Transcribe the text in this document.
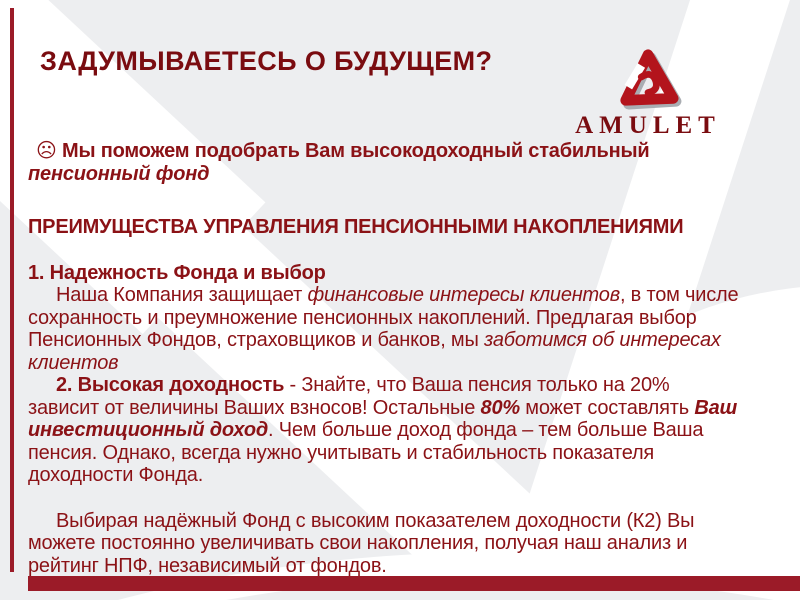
AMULET
ЗАДУМЫВАЕТЕСЬ О БУДУЩЕМ?
☹ Мы поможем подобрать Вам высокодоходный стабильный
пенсионный фонд
ПРЕИМУЩЕСТВА УПРАВЛЕНИЯ ПЕНСИОННЫМИ НАКОПЛЕНИЯМИ
1. Надежность Фонда и выбор
Наша Компания защищает финансовые интересы клиентов, в том числе
сохранность и преумножение пенсионных накоплений. Предлагая выбор
Пенсионных Фондов, страховщиков и банков, мы заботимся об интересах
клиентов
2. Высокая доходность - Знайте, что Ваша пенсия только на 20%
зависит от величины Ваших взносов! Остальные 80% может составлять Ваш
инвестиционный доход. Чем больше доход фонда – тем больше Ваша
пенсия. Однако, всегда нужно учитывать и стабильность показателя
доходности Фонда.
Выбирая надёжный Фонд с высоким показателем доходности (К2) Вы
можете постоянно увеличивать свои накопления, получая наш анализ и
рейтинг НПФ, независимый от фондов.
